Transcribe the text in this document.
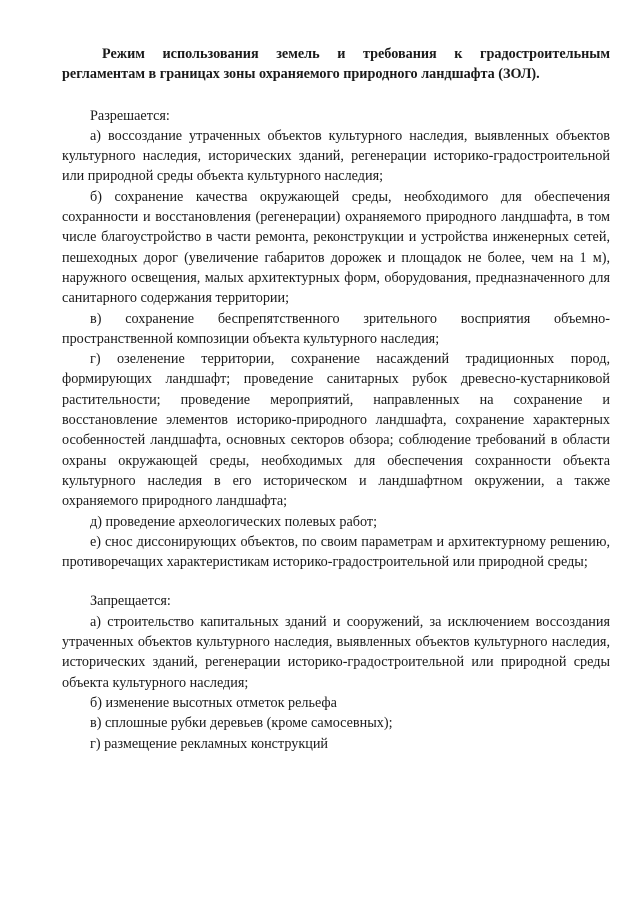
Режим использования земель и требования к градостроительным регламентам в границах зоны охраняемого природного ландшафта (ЗОЛ).

Разрешается:

а) воссоздание утраченных объектов культурного наследия, выявленных объектов культурного наследия, исторических зданий, регенерации историко-градостроительной или природной среды объекта культурного наследия;

б) сохранение качества окружающей среды, необходимого для обеспечения сохранности и восстановления (регенерации) охраняемого природного ландшафта, в том числе благоустройство в части ремонта, реконструкции и устройства инженерных сетей, пешеходных дорог (увеличение габаритов дорожек и площадок не более, чем на 1 м), наружного освещения, малых архитектурных форм, оборудования, предназначенного для санитарного содержания территории;

в) сохранение беспрепятственного зрительного восприятия объемно-пространственной композиции объекта культурного наследия;

г) озеленение территории, сохранение насаждений традиционных пород, формирующих ландшафт; проведение санитарных рубок древесно-кустарниковой растительности; проведение мероприятий, направленных на сохранение и восстановление элементов историко-природного ландшафта, сохранение характерных особенностей ландшафта, основных секторов обзора; соблюдение требований в области охраны окружающей среды, необходимых для обеспечения сохранности объекта культурного наследия в его историческом и ландшафтном окружении, а также охраняемого природного ландшафта;

д) проведение археологических полевых работ;

е) снос диссонирующих объектов, по своим параметрам и архитектурному решению, противоречащих характеристикам историко-градостроительной или природной среды;

Запрещается:

а) строительство капитальных зданий и сооружений, за исключением воссоздания утраченных объектов культурного наследия, выявленных объектов культурного наследия, исторических зданий, регенерации историко-градостроительной или природной среды объекта культурного наследия;

б) изменение высотных отметок рельефа

в) сплошные рубки деревьев (кроме самосевных);

г) размещение рекламных конструкций
